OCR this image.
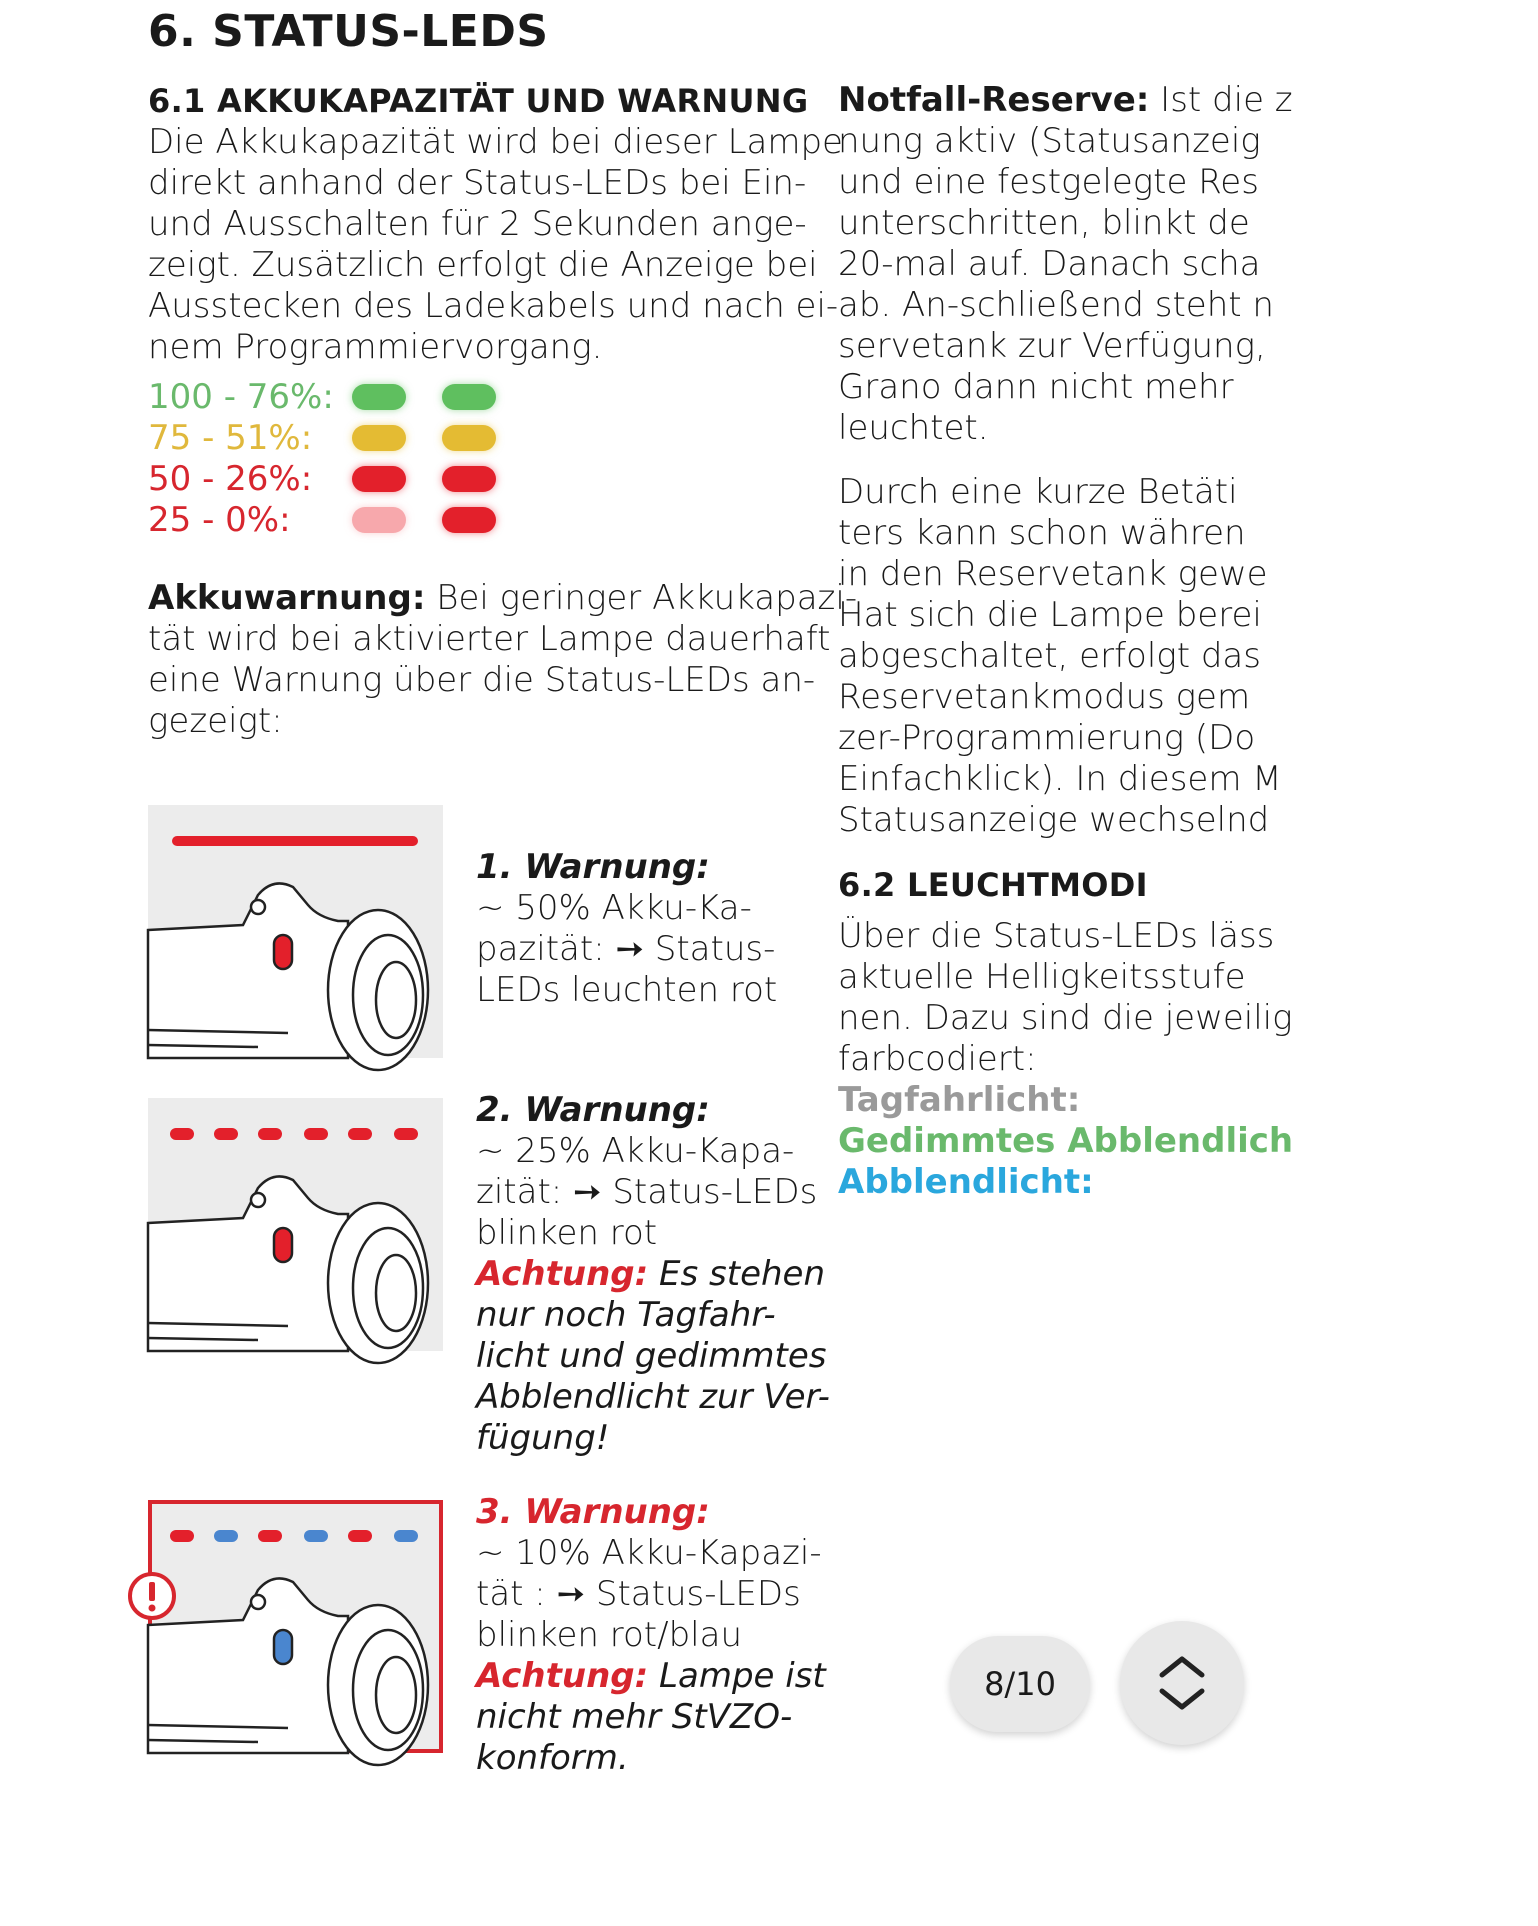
6. STATUS-LEDS
6.1 AKKUKAPAZITÄT UND WARNUNG
Die Akkukapazität wird bei dieser Lampe
direkt anhand der Status-LEDs bei Ein-
und Ausschalten für 2 Sekunden ange-
zeigt. Zusätzlich erfolgt die Anzeige bei
Ausstecken des Ladekabels und nach ei-
nem Programmiervorgang.
100 - 76%:
75 - 51%:
50 - 26%:
25 - 0%:
Akkuwarnung: Bei geringer Akkukapazi-
tät wird bei aktivierter Lampe dauerhaft
eine Warnung über die Status-LEDs an-
gezeigt:
1. Warnung:
~ 50% Akku-Ka-
pazität: ➙ Status-
LEDs leuchten rot
2. Warnung:
~ 25% Akku-Kapa-
zität: ➙ Status-LEDs
blinken rot
Achtung: Es stehen
nur noch Tagfahr-
licht und gedimmtes
Abblendlicht zur Ver-
fügung!
3. Warnung:
~ 10% Akku-Kapazi-
tät : ➙ Status-LEDs
blinken rot/blau
Achtung: Lampe ist
nicht mehr StVZO-
konform.
Notfall-Reserve: Ist die z
nung aktiv (Statusanzeig
und eine festgelegte Res
unterschritten, blinkt de
20-mal auf. Danach scha
ab. An-schließend steht n
servetank zur Verfügung,
Grano dann nicht mehr
leuchtet.
Durch eine kurze Betäti
ters kann schon währen
in den Reservetank gewe
Hat sich die Lampe berei
abgeschaltet, erfolgt das
Reservetankmodus gem
zer-Programmierung (Do
Einfachklick). In diesem M
Statusanzeige wechselnd
6.2 LEUCHTMODI
Über die Status-LEDs läss
aktuelle Helligkeitsstufe
nen. Dazu sind die jeweilig
farbcodiert:
Tagfahrlicht:
Gedimmtes Abblendlich
Abblendlicht:
8/10
